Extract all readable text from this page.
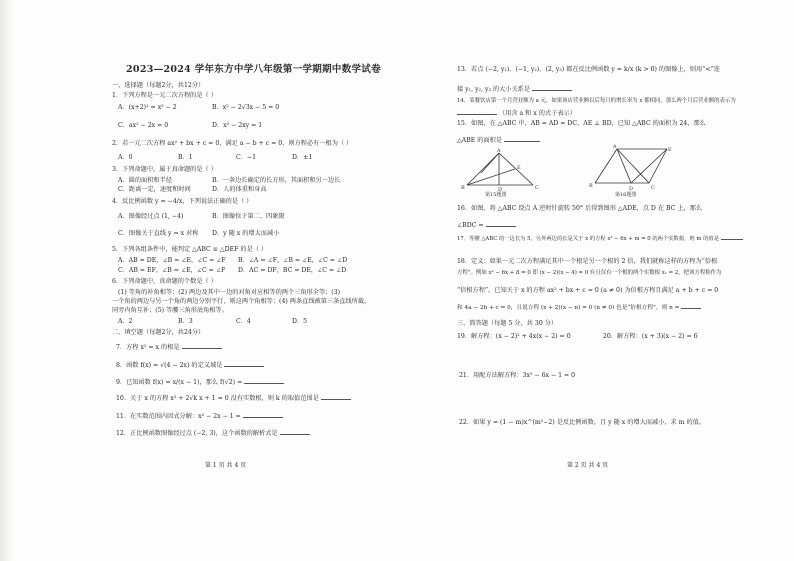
2023—2024 学年东方中学八年级第一学期期中数学试卷
一、选择题（每题2分，共12分）
1．下列方程是一元二次方程的是（ ）
A．(x+2)² = x² − 2	B．x² − 2√3x − 5 = 0
C．ax² − 2x = 0	D．x² − 2xy = 1
2．若一元二次方程 ax² + bx + c = 0，满足 a − b + c = 0，则方程必有一根为（ ）
A．0	B．1	C．−1	D．±1
3．下列命题中，属于真命题的是（ ）
A．圆的面积和半径	B．一条边长确定的长方形，其面积和另一边长
C．距离一定，速度和时间	D．人的体重和身高
4．反比例函数 y = −4/x，下列说法正确的是（ ）
A．图像经过点 (1, −4)	B．图像位于第二、四象限
C．图像关于直线 y = x 对称 D．y 随 x 的增大而减小
5．下列各组条件中，能判定 △ABC ≌ △DEF 的是（ ）
A．AB = DE，∠B = ∠E，∠C = ∠F B．∠A = ∠F，∠B = ∠E，∠C = ∠D
C．AB = EF，∠B = ∠E，∠C = ∠F D．AC = DF，BC = DE，∠C = ∠D
6．下列命题中，真命题的个数是（ ）
(1) 等角的补角相等；(2) 两边及其中一边的对角对应相等的两个三角形全等；(3)
一个角的两边与另一个角的两边分别平行，则这两个角相等；(4) 两条直线被第三条直线所截，
同旁内角互补；(5) 等腰三角形底角相等。
A．2	B．3	C．4	D．5
二、填空题（每题2分，共24分）
7．方程 x² = x 的根是
8．函数 f(x) = √(4 − 2x) 的定义域是
9．已知函数 f(x) = x/(x − 1)，那么 f(√2) =
10．关于 x 的方程 x² + 2√k x + 1 = 0 没有实数根，则 k 的取值范围是
11．在实数范围内因式分解：x² − 2x − 1 =
12．正比例函数图像经过点 (−2, 3)，这个函数的解析式是
第 1 页 共 4 页
13．若点 (−2, y₁)、(−1, y₂)、(2, y₃) 都在反比例函数 y = k/x (k > 0) 的图像上，则用“<”连
接 y₁, y₂, y₃ 的大小关系是
14．某餐饮店第一个月营业额为 a 元，如果该店营业额以后每月的增长率为 x 都相同，那么两个月后营业额的表示为
（用含 a 和 x 的式子表示）
15．如图，在 △ABC 中，AB = AD = DC，AE ⊥ BD，已知 △ABC 的面积为 24，那么
△ABE 的面积是
A
B	C
D
E
第15题图
A
B	C
D
E
第16题图
16．如图，将 △ABC 绕点 A 逆时针旋转 50° 后得到图形 △ADE，点 D 在 BC 上，那么
∠BDC =
17．等腰 △ABC 的一边长为 5，另外两边的长是关于 x 的方程 x² − 6x + m = 0 的两个实数根，则 m 的值是
18．定义：如果一元二次方程满足其中一个根是另一个根的 2 倍，我们就称这样的方程为“倍根
方程”。例如 x² − 6x + 8 = 0 即 (x − 2)(x − 4) = 0 有且仅有一个根的两个实数根 x₁ = 2，把该方程称作为
“倍根方程”。已知关于 x 的方程 ax² + bx + c = 0 (a ≠ 0) 为倍根方程且满足 a + b + c = 0
和 4a − 2b + c = 0，且说方程 (x + 2)(x − n) = 0 (n ≠ 0) 也是“倍根方程”，则 n =
三、简答题（每题 5 分，共 30 分）
19．解方程：(x − 2)² + 4x(x − 2) = 0	20．解方程：(x + 3)(x − 2) = 6
21．用配方法解方程：3x² − 6x − 1 = 0
22．如果 y = (1 − m)x^(m²−2) 是反比例函数，且 y 随 x 的增大而减小，求 m 的值。
第 2 页 共 4 页
